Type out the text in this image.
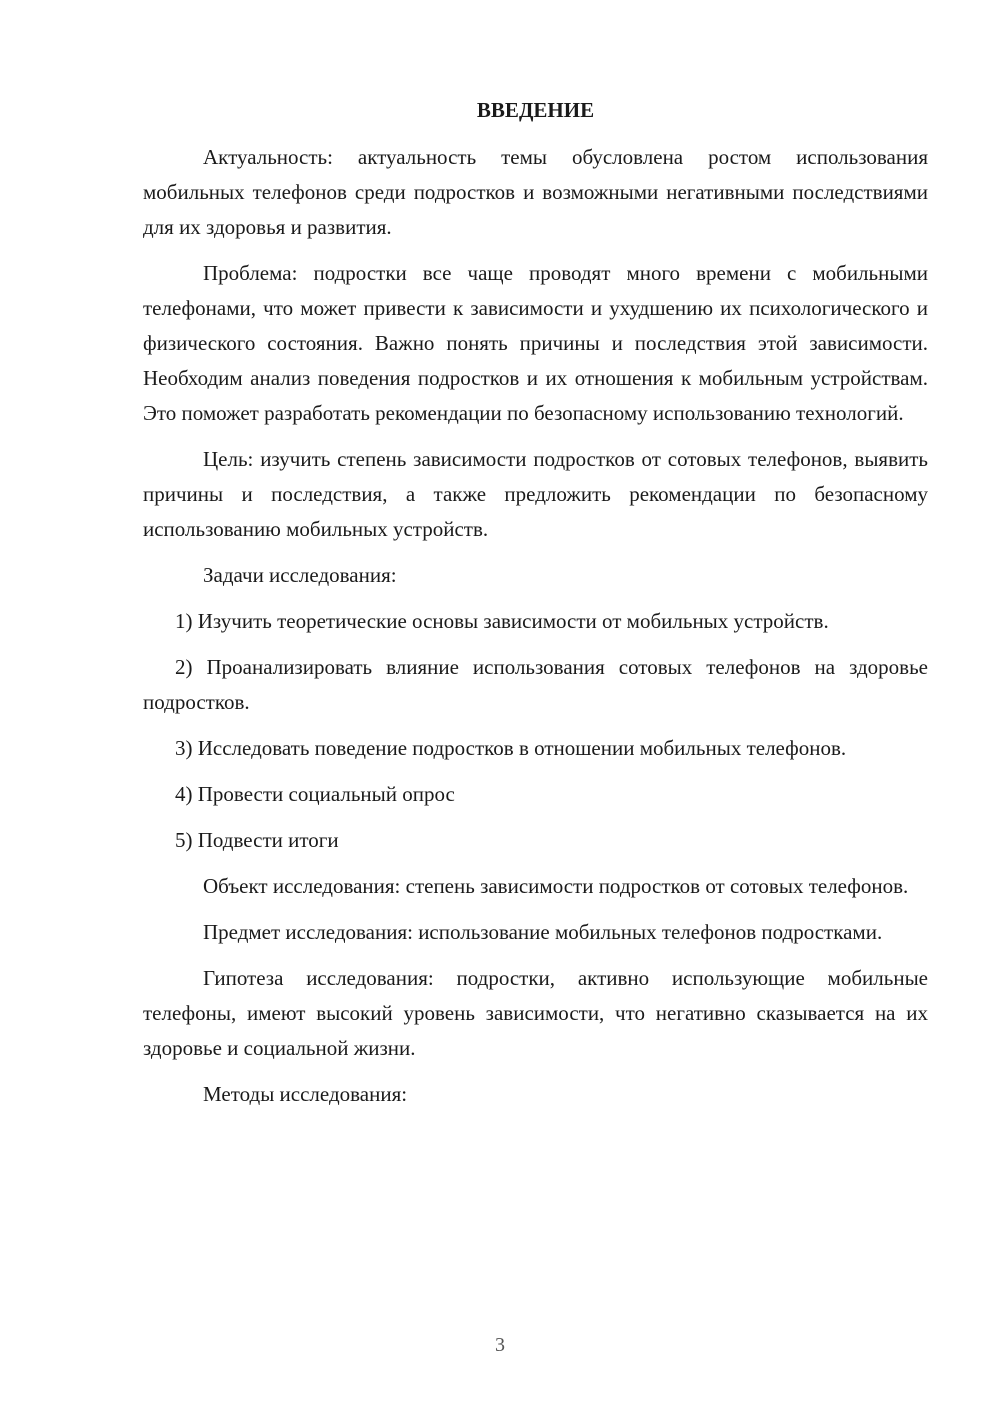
ВВЕДЕНИЕ

Актуальность: актуальность темы обусловлена ростом использования мобильных телефонов среди подростков и возможными негативными последствиями для их здоровья и развития.

Проблема: подростки все чаще проводят много времени с мобильными телефонами, что может привести к зависимости и ухудшению их психологического и физического состояния. Важно понять причины и последствия этой зависимости. Необходим анализ поведения подростков и их отношения к мобильным устройствам. Это поможет разработать рекомендации по безопасному использованию технологий.

Цель: изучить степень зависимости подростков от сотовых телефонов, выявить причины и последствия, а также предложить рекомендации по безопасному использованию мобильных устройств.

Задачи исследования:

1) Изучить теоретические основы зависимости от мобильных устройств.

2) Проанализировать влияние использования сотовых телефонов на здоровье подростков.

3) Исследовать поведение подростков в отношении мобильных телефонов.

4) Провести социальный опрос

5) Подвести итоги

Объект исследования: степень зависимости подростков от сотовых телефонов.

Предмет исследования: использование мобильных телефонов подростками.

Гипотеза исследования: подростки, активно использующие мобильные телефоны, имеют высокий уровень зависимости, что негативно сказывается на их здоровье и социальной жизни.

Методы исследования:

3
